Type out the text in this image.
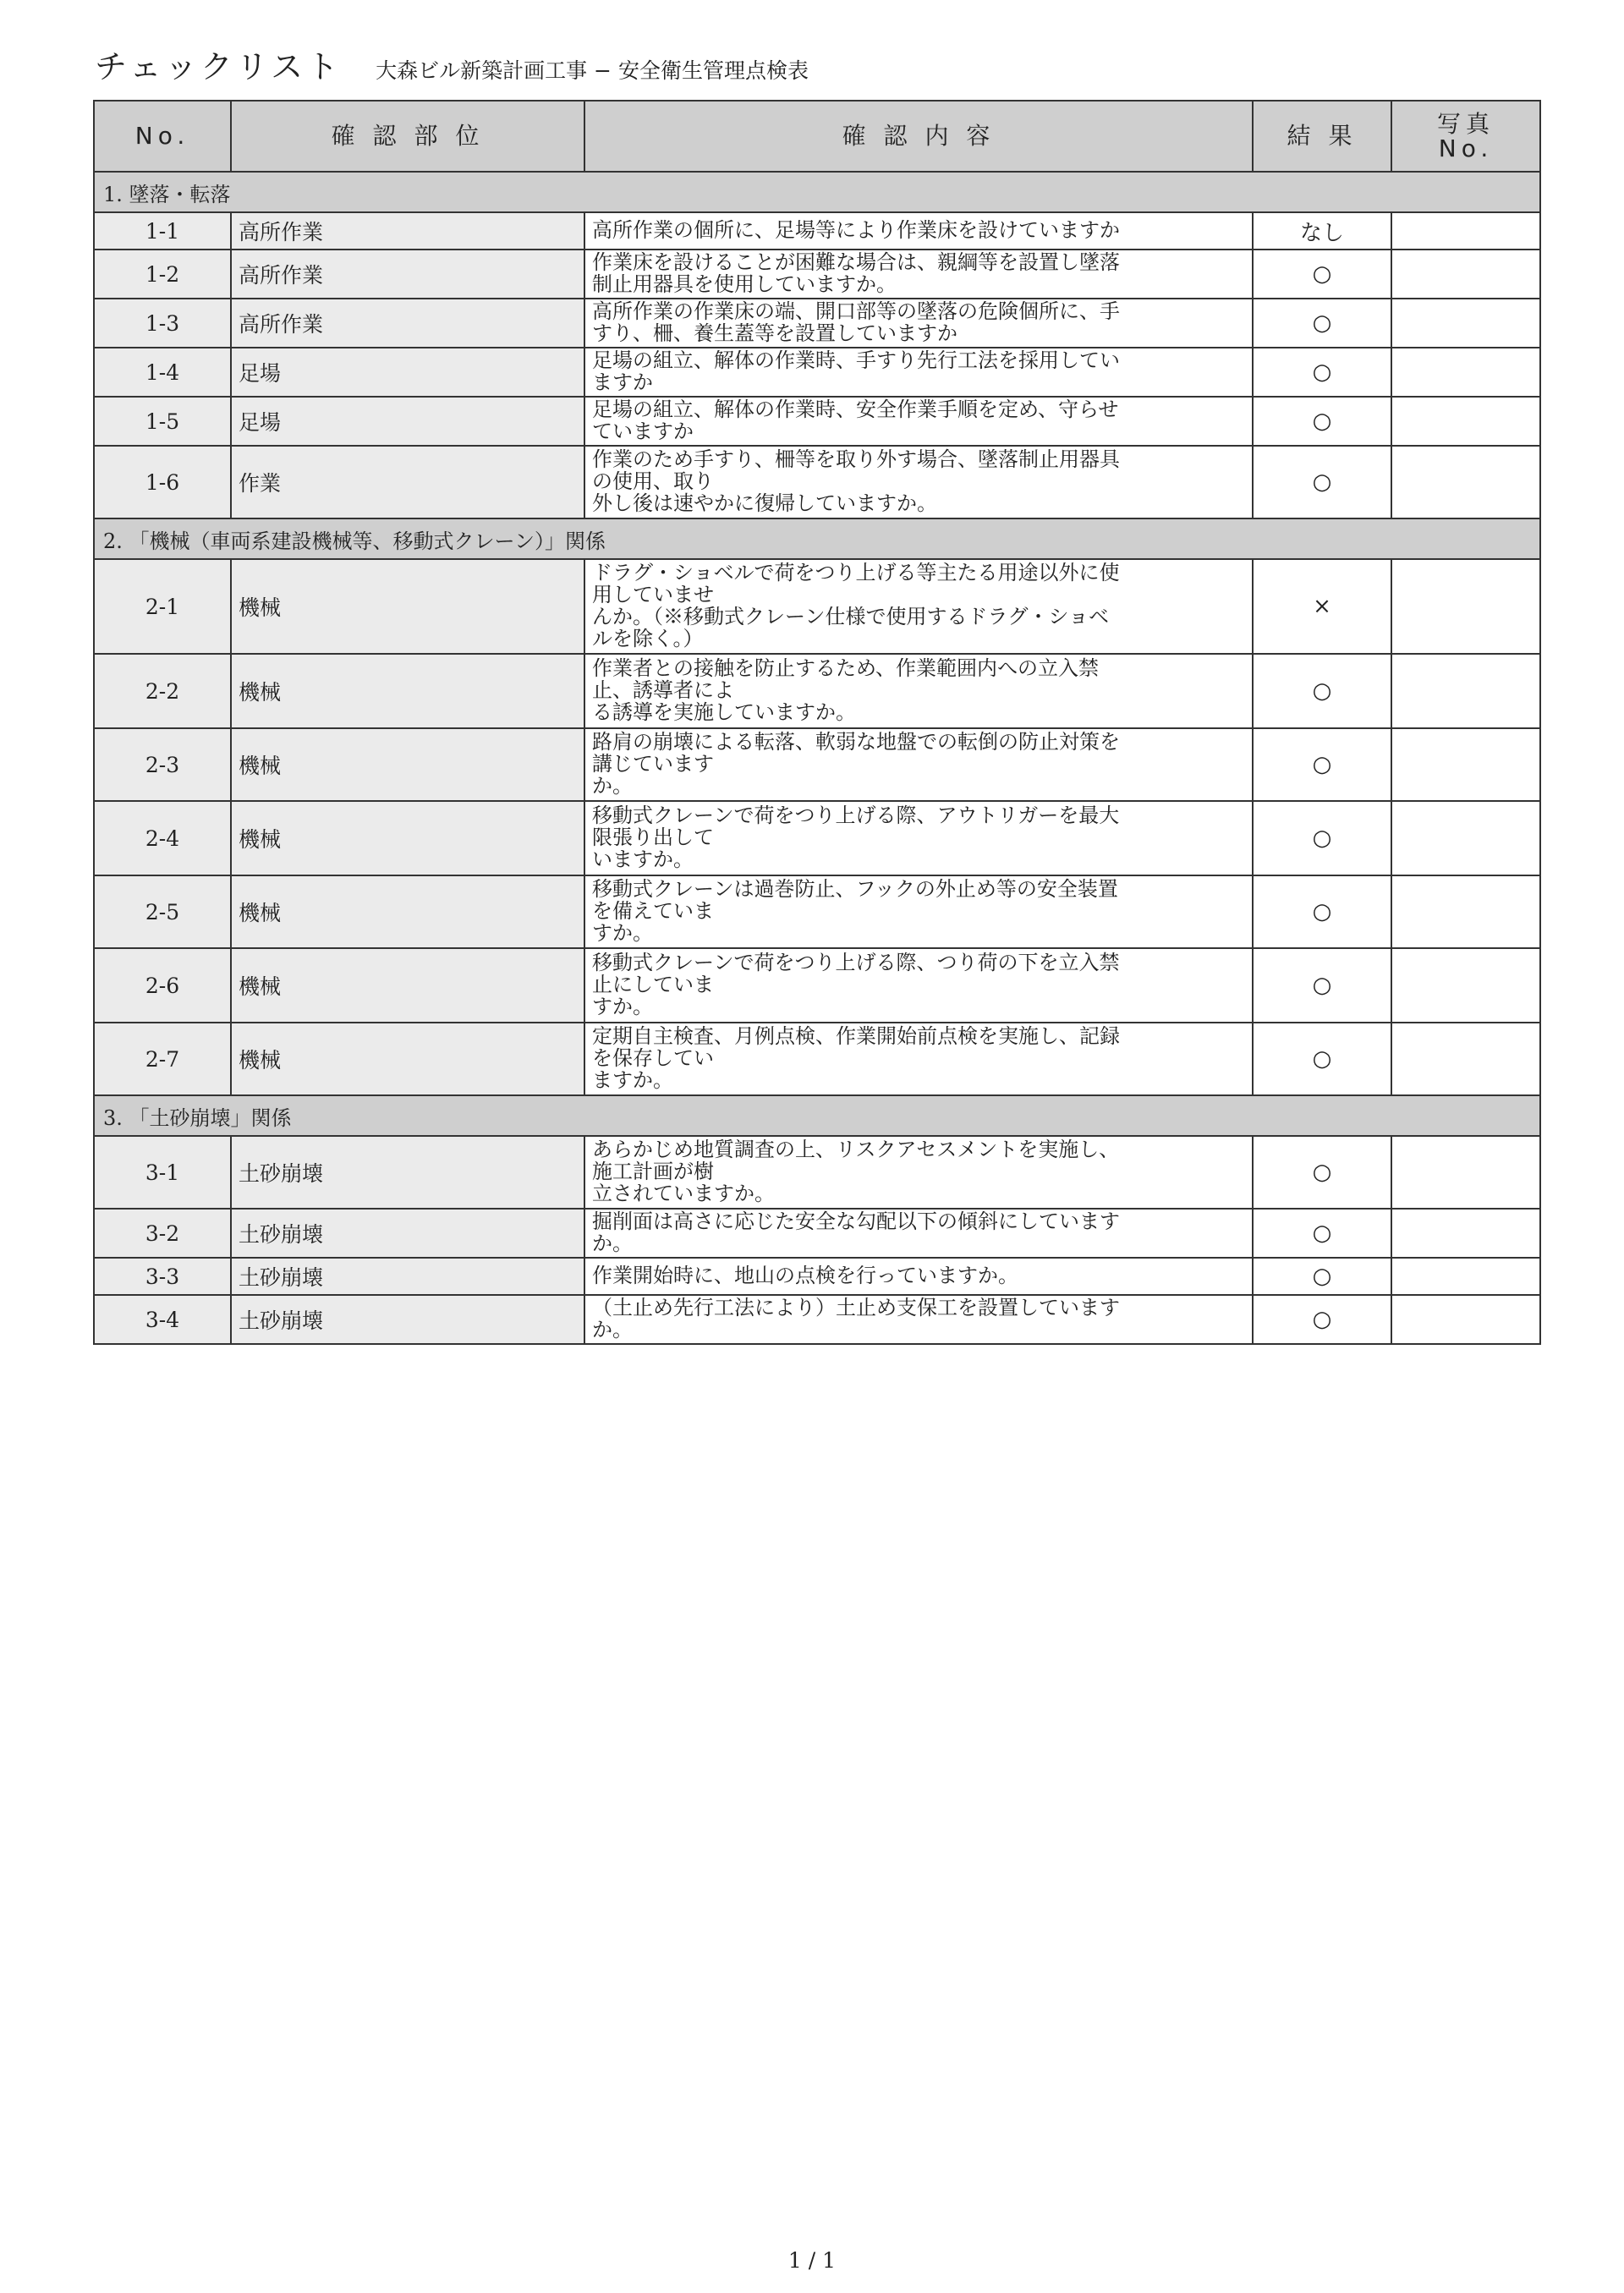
チェックリスト 大森ビル新築計画工事 − 安全衛生管理点検表
No.	確 認 部 位	確 認 内 容	結 果	写真
No.

1. 墜落・転落				
1-1	高所作業	高所作業の個所に、足場等により作業床を設けていますか	なし	
1-2	高所作業	作業床を設けることが困難な場合は、親綱等を設置し墜落
制止用器具を使用していますか。	○	
1-3	高所作業	高所作業の作業床の端、開口部等の墜落の危険個所に、手
すり、柵、養生蓋等を設置していますか	○	
1-4	足場	足場の組立、解体の作業時、手すり先行工法を採用してい
ますか	○	
1-5	足場	足場の組立、解体の作業時、安全作業手順を定め、守らせ
ていますか	○	
1-6	作業	作業のため手すり、柵等を取り外す場合、墜落制止用器具
の使用、取り
外し後は速やかに復帰していますか。	○	
2. 「機械（車両系建設機械等、移動式クレーン）」関係				
2-1	機械	ドラグ・ショベルで荷をつり上げる等主たる用途以外に使
用していませ
んか。（※移動式クレーン仕様で使用するドラグ・ショベ
ルを除く。）	×	
2-2	機械	作業者との接触を防止するため、作業範囲内への立入禁
止、誘導者によ
る誘導を実施していますか。	○	
2-3	機械	路肩の崩壊による転落、軟弱な地盤での転倒の防止対策を
講じています
か。	○	
2-4	機械	移動式クレーンで荷をつり上げる際、アウトリガーを最大
限張り出して
いますか。	○	
2-5	機械	移動式クレーンは過巻防止、フックの外止め等の安全装置
を備えていま
すか。	○	
2-6	機械	移動式クレーンで荷をつり上げる際、つり荷の下を立入禁
止にしていま
すか。	○	
2-7	機械	定期自主検査、月例点検、作業開始前点検を実施し、記録
を保存してい
ますか。	○	
3. 「土砂崩壊」関係				
3-1	土砂崩壊	あらかじめ地質調査の上、リスクアセスメントを実施し、
施工計画が樹
立されていますか。	○	
3-2	土砂崩壊	掘削面は高さに応じた安全な勾配以下の傾斜にしています
か。	○	
3-3	土砂崩壊	作業開始時に、地山の点検を行っていますか。	○	
3-4	土砂崩壊	（土止め先行工法により）土止め支保工を設置しています
か。	○	
1 / 1
